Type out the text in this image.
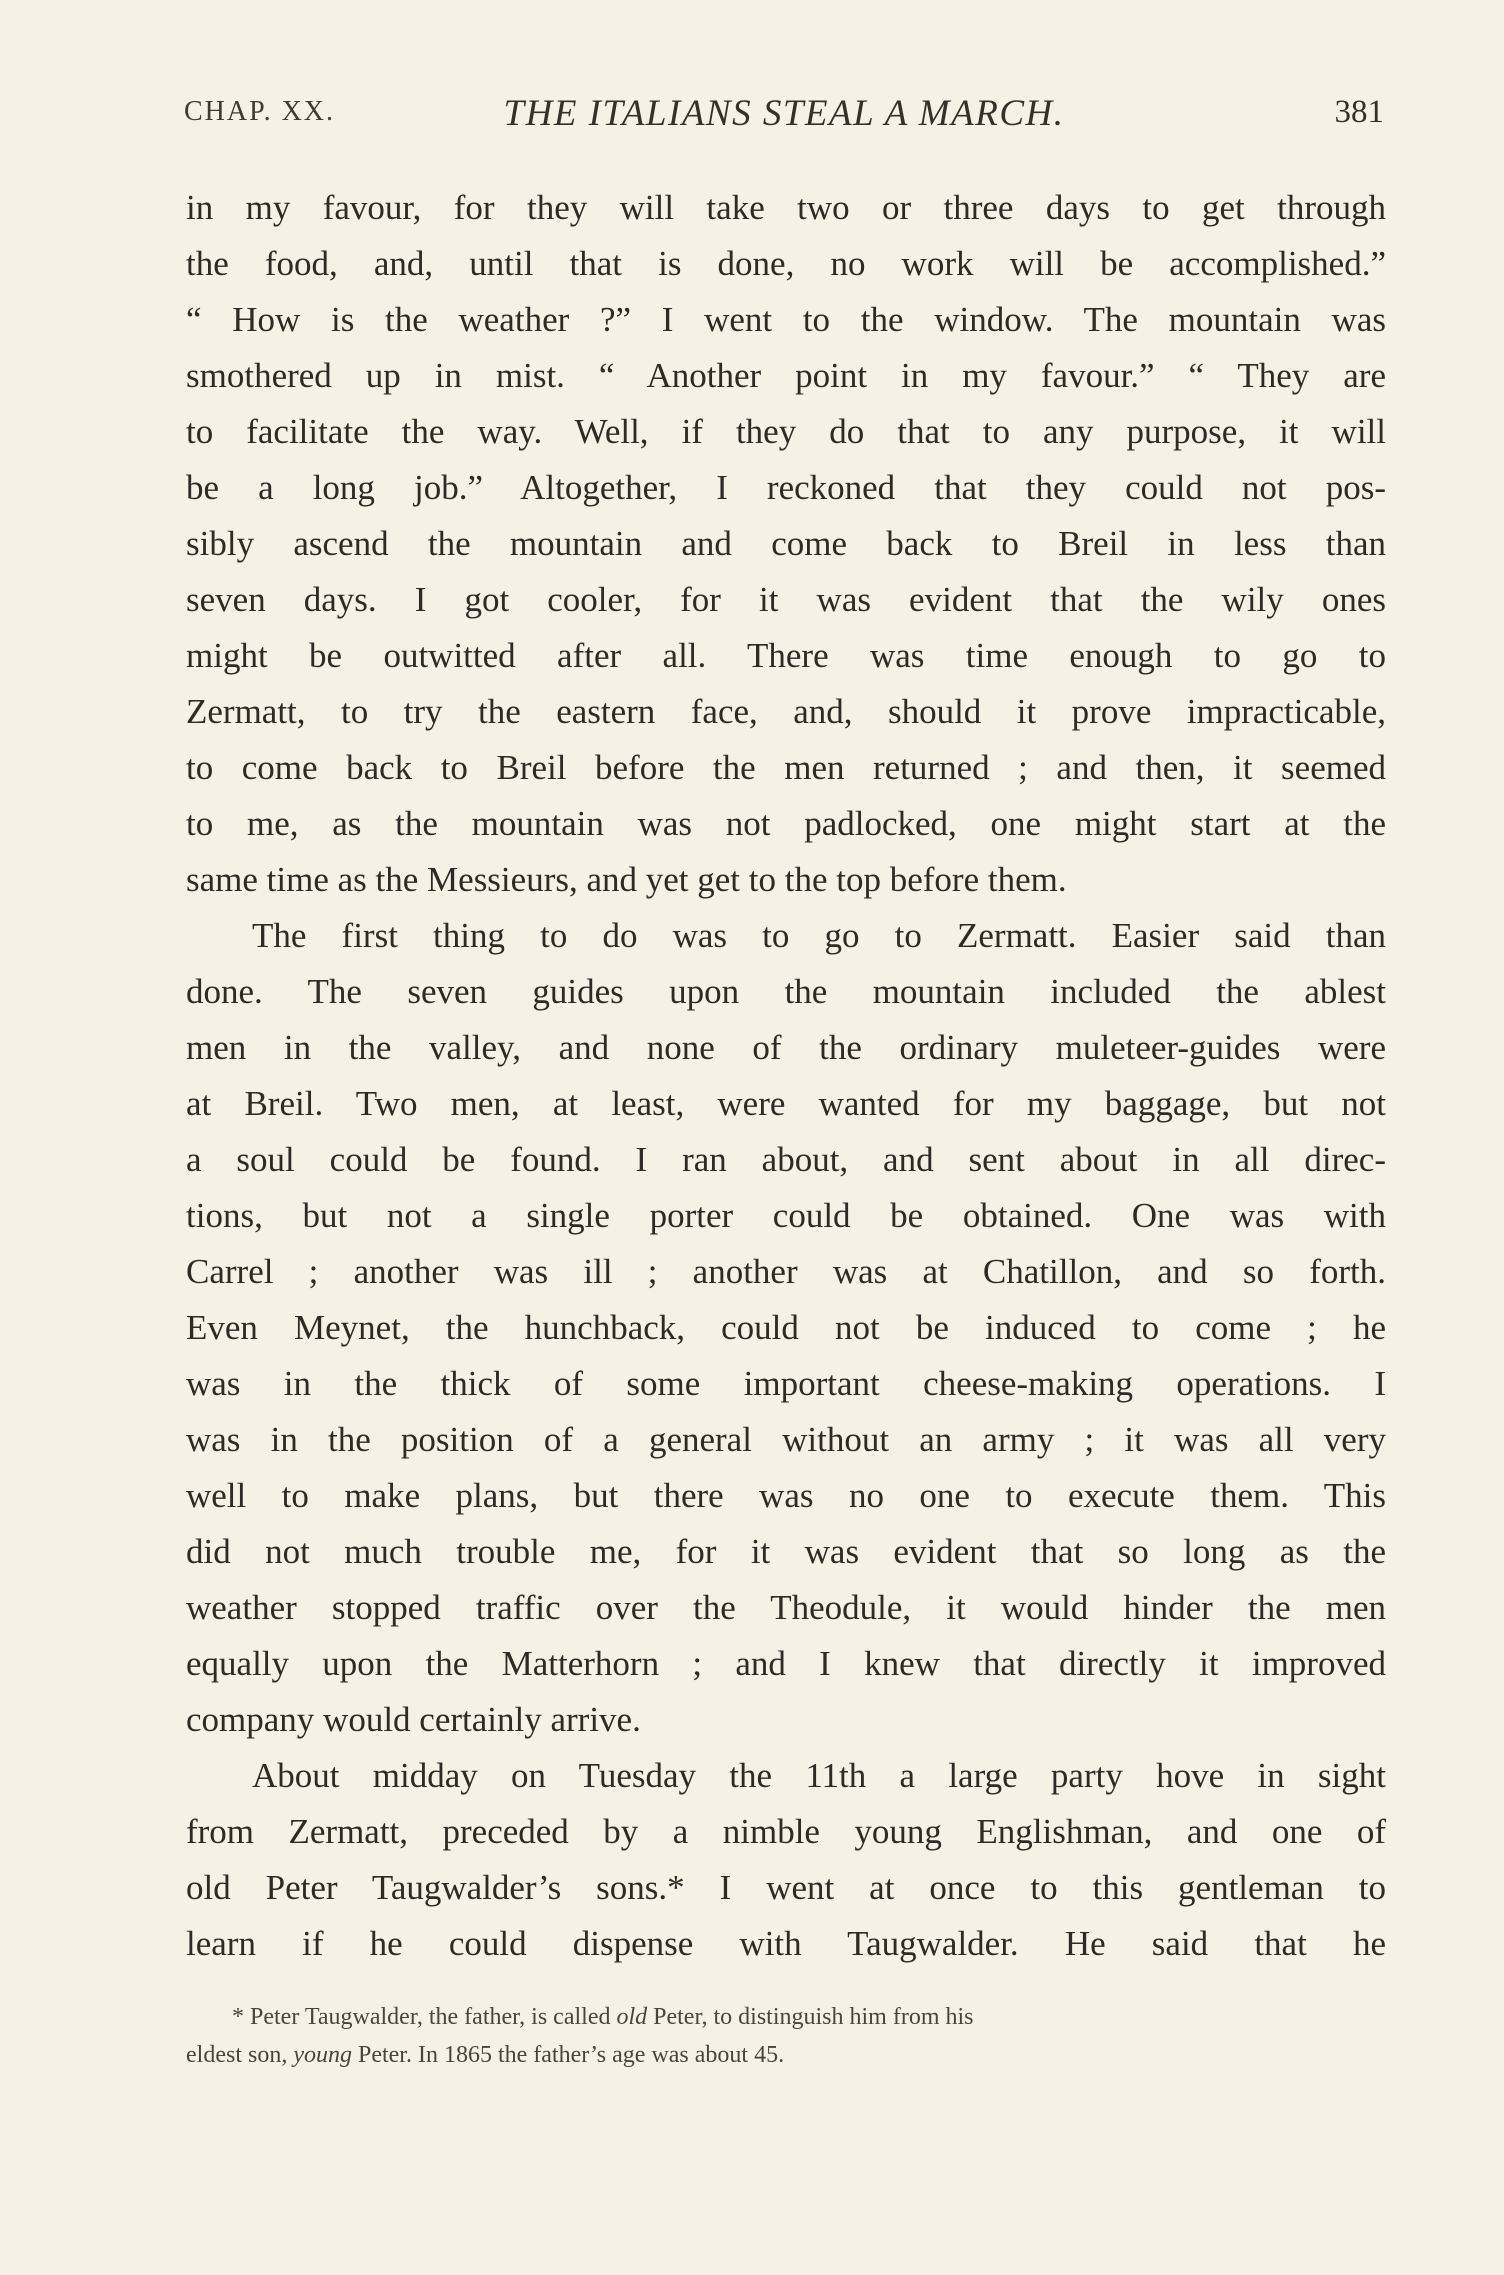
CHAP. XX.	THE ITALIANS STEAL A MARCH.	381
in my favour, for they will take two or three days to get through
the food, and, until that is done, no work will be accomplished.”
“ How is the weather ?” I went to the window. The mountain was
smothered up in mist. “ Another point in my favour.” “ They are
to facilitate the way. Well, if they do that to any purpose, it will
be a long job.” Altogether, I reckoned that they could not pos-
sibly ascend the mountain and come back to Breil in less than
seven days. I got cooler, for it was evident that the wily ones
might be outwitted after all. There was time enough to go to
Zermatt, to try the eastern face, and, should it prove impracticable,
to come back to Breil before the men returned ; and then, it seemed
to me, as the mountain was not padlocked, one might start at the
same time as the Messieurs, and yet get to the top before them.
The first thing to do was to go to Zermatt. Easier said than
done. The seven guides upon the mountain included the ablest
men in the valley, and none of the ordinary muleteer-guides were
at Breil. Two men, at least, were wanted for my baggage, but not
a soul could be found. I ran about, and sent about in all direc-
tions, but not a single porter could be obtained. One was with
Carrel ; another was ill ; another was at Chatillon, and so forth.
Even Meynet, the hunchback, could not be induced to come ; he
was in the thick of some important cheese-making operations. I
was in the position of a general without an army ; it was all very
well to make plans, but there was no one to execute them. This
did not much trouble me, for it was evident that so long as the
weather stopped traffic over the Theodule, it would hinder the men
equally upon the Matterhorn ; and I knew that directly it improved
company would certainly arrive.
About midday on Tuesday the 11th a large party hove in sight
from Zermatt, preceded by a nimble young Englishman, and one of
old Peter Taugwalder’s sons.* I went at once to this gentleman to
learn if he could dispense with Taugwalder. He said that he
* Peter Taugwalder, the father, is called old Peter, to distinguish him from his
eldest son, young Peter. In 1865 the father’s age was about 45.
